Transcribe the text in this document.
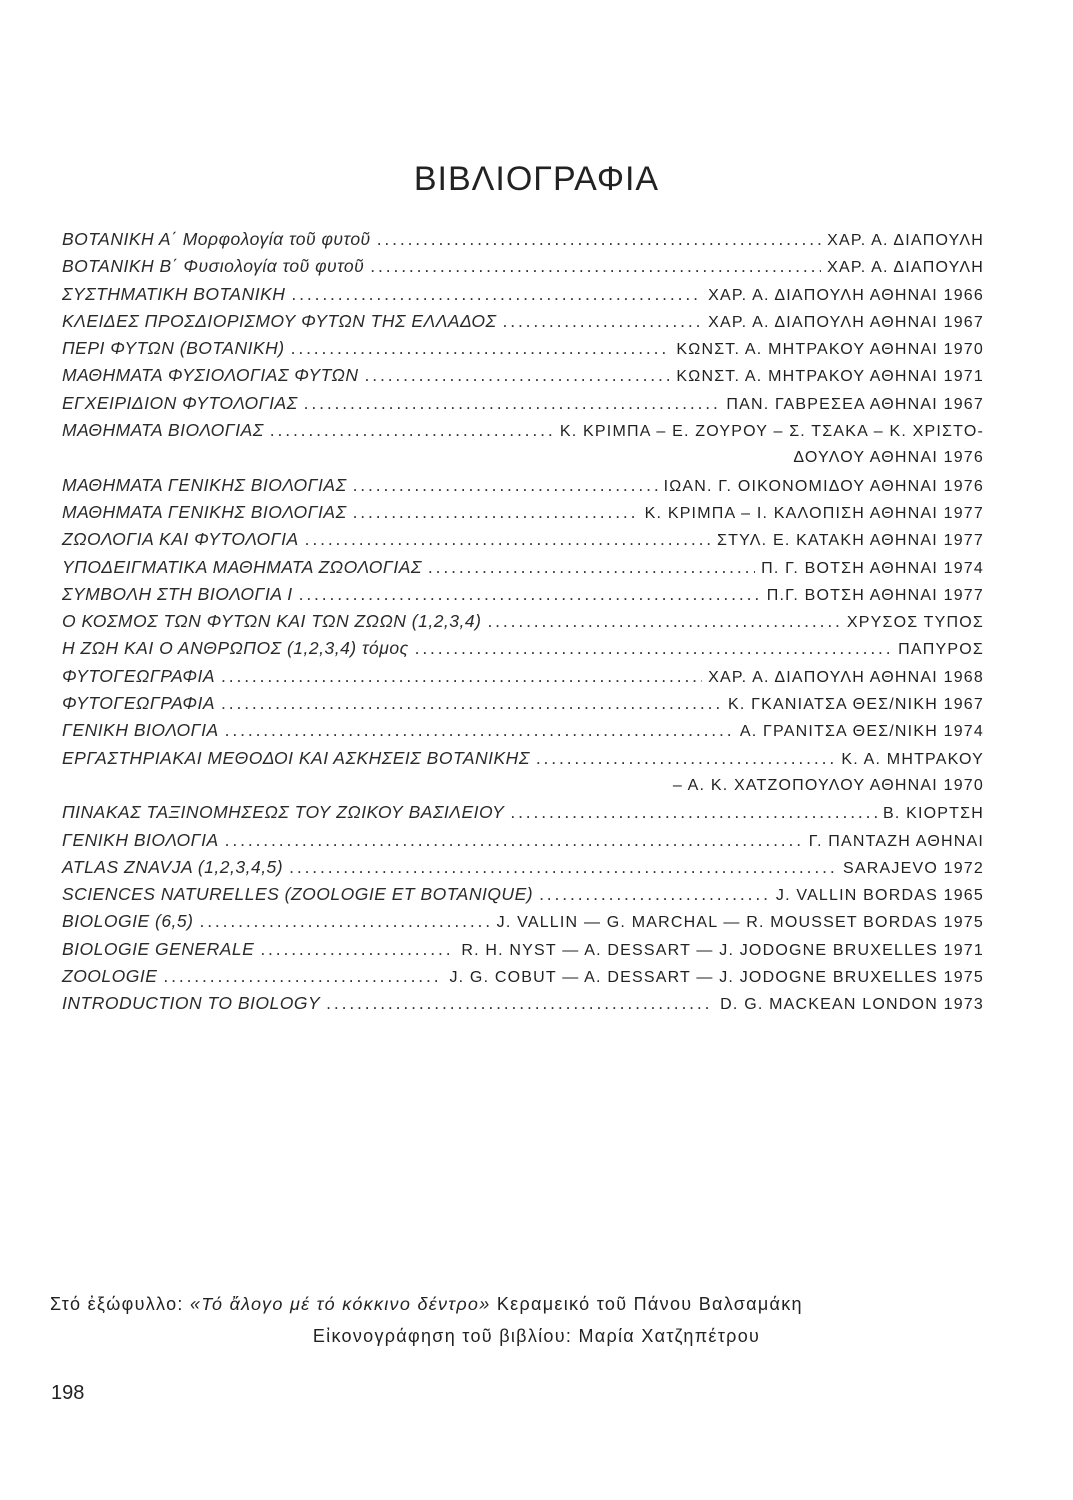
ΒΙΒΛΙΟΓΡΑΦΙΑ
ΒΟΤΑΝΙΚΗ Α΄ Μορφολογία τοῦ φυτοῦ . . .	ΧΑΡ. Α. ΔΙΑΠΟΥΛΗ
ΒΟΤΑΝΙΚΗ Β΄ Φυσιολογία τοῦ φυτοῦ . . .	ΧΑΡ. Α. ΔΙΑΠΟΥΛΗ
ΣΥΣΤΗΜΑΤΙΚΗ ΒΟΤΑΝΙΚΗ . . .	ΧΑΡ. Α. ΔΙΑΠΟΥΛΗ ΑΘΗΝΑΙ 1966
ΚΛΕΙΔΕΣ ΠΡΟΣΔΙΟΡΙΣΜΟΥ ΦΥΤΩΝ ΤΗΣ ΕΛΛΑΔΟΣ . . .	ΧΑΡ. Α. ΔΙΑΠΟΥΛΗ ΑΘΗΝΑΙ 1967
ΠΕΡΙ ΦΥΤΩΝ (ΒΟΤΑΝΙΚΗ) . . .	ΚΩΝΣΤ. Α. ΜΗΤΡΑΚΟΥ ΑΘΗΝΑΙ 1970
ΜΑΘΗΜΑΤΑ ΦΥΣΙΟΛΟΓΙΑΣ ΦΥΤΩΝ . . .	ΚΩΝΣΤ. Α. ΜΗΤΡΑΚΟΥ ΑΘΗΝΑΙ 1971
ΕΓΧΕΙΡΙΔΙΟΝ ΦΥΤΟΛΟΓΙΑΣ . . .	ΠΑΝ. ΓΑΒΡΕΣΕΑ ΑΘΗΝΑΙ 1967
ΜΑΘΗΜΑΤΑ ΒΙΟΛΟΓΙΑΣ . . .	Κ. ΚΡΙΜΠΑ – Ε. ΖΟΥΡΟΥ – Σ. ΤΣΑΚΑ – Κ. ΧΡΙΣΤΟ-
ΔΟΥΛΟΥ ΑΘΗΝΑΙ 1976
ΜΑΘΗΜΑΤΑ ΓΕΝΙΚΗΣ ΒΙΟΛΟΓΙΑΣ . . .	ΙΩΑΝ. Γ. ΟΙΚΟΝΟΜΙΔΟΥ ΑΘΗΝΑΙ 1976
ΜΑΘΗΜΑΤΑ ΓΕΝΙΚΗΣ ΒΙΟΛΟΓΙΑΣ . . .	Κ. ΚΡΙΜΠΑ – Ι. ΚΑΛΟΠΙΣΗ ΑΘΗΝΑΙ 1977
ΖΩΟΛΟΓΙΑ ΚΑΙ ΦΥΤΟΛΟΓΙΑ . . .	ΣΤΥΛ. Ε. ΚΑΤΑΚΗ ΑΘΗΝΑΙ 1977
ΥΠΟΔΕΙΓΜΑΤΙΚΑ ΜΑΘΗΜΑΤΑ ΖΩΟΛΟΓΙΑΣ . . .	Π. Γ. ΒΟΤΣΗ ΑΘΗΝΑΙ 1974
ΣΥΜΒΟΛΗ ΣΤΗ ΒΙΟΛΟΓΙΑ Ι . . .	Π.Γ. ΒΟΤΣΗ ΑΘΗΝΑΙ 1977
Ο ΚΟΣΜΟΣ ΤΩΝ ΦΥΤΩΝ ΚΑΙ ΤΩΝ ΖΩΩΝ (1,2,3,4) . . .	ΧΡΥΣΟΣ ΤΥΠΟΣ
Η ΖΩΗ ΚΑΙ Ο ΑΝΘΡΩΠΟΣ (1,2,3,4) τόμος . . .	ΠΑΠΥΡΟΣ
ΦΥΤΟΓΕΩΓΡΑΦΙΑ . . .	ΧΑΡ. Α. ΔΙΑΠΟΥΛΗ ΑΘΗΝΑΙ 1968
ΦΥΤΟΓΕΩΓΡΑΦΙΑ . . .	Κ. ΓΚΑΝΙΑΤΣΑ ΘΕΣ/ΝΙΚΗ 1967
ΓΕΝΙΚΗ ΒΙΟΛΟΓΙΑ . . .	Α. ΓΡΑΝΙΤΣΑ ΘΕΣ/ΝΙΚΗ 1974
ΕΡΓΑΣΤΗΡΙΑΚΑΙ ΜΕΘΟΔΟΙ ΚΑΙ ΑΣΚΗΣΕΙΣ ΒΟΤΑΝΙΚΗΣ . . .	Κ. Α. ΜΗΤΡΑΚΟΥ
– Α. Κ. ΧΑΤΖΟΠΟΥΛΟΥ ΑΘΗΝΑΙ 1970
ΠΙΝΑΚΑΣ ΤΑΞΙΝΟΜΗΣΕΩΣ ΤΟΥ ΖΩΙΚΟΥ ΒΑΣΙΛΕΙΟΥ . . .	Β. ΚΙΟΡΤΣΗ
ΓΕΝΙΚΗ ΒΙΟΛΟΓΙΑ . . .	Γ. ΠΑΝΤΑΖΗ ΑΘΗΝΑΙ
ATLAS ZNAVJA (1,2,3,4,5) . . .	SARAJEVO 1972
SCIENCES NATURELLES (ZOOLOGIE ET BOTANIQUE) . . .	J. VALLIN BORDAS 1965
BIOLOGIE (6,5) . . .	J. VALLIN — G. MARCHAL — R. MOUSSET BORDAS 1975
BIOLOGIE GENERALE . . .	R. H. NYST — A. DESSART — J. JODOGNE BRUXELLES 1971
ZOOLOGIE . . .	J. G. COBUT — A. DESSART — J. JODOGNE BRUXELLES 1975
INTRODUCTION TO BIOLOGY . . .	D. G. MACKEAN LONDON 1973
Στό ἐξώφυλλο: «Τό ἄλογο μέ τό κόκκινο δέντρο» Κεραμεικό τοῦ Πάνου Βαλσαμάκη
Εἰκονογράφηση τοῦ βιβλίου: Μαρία Χατζηπέτρου
198
